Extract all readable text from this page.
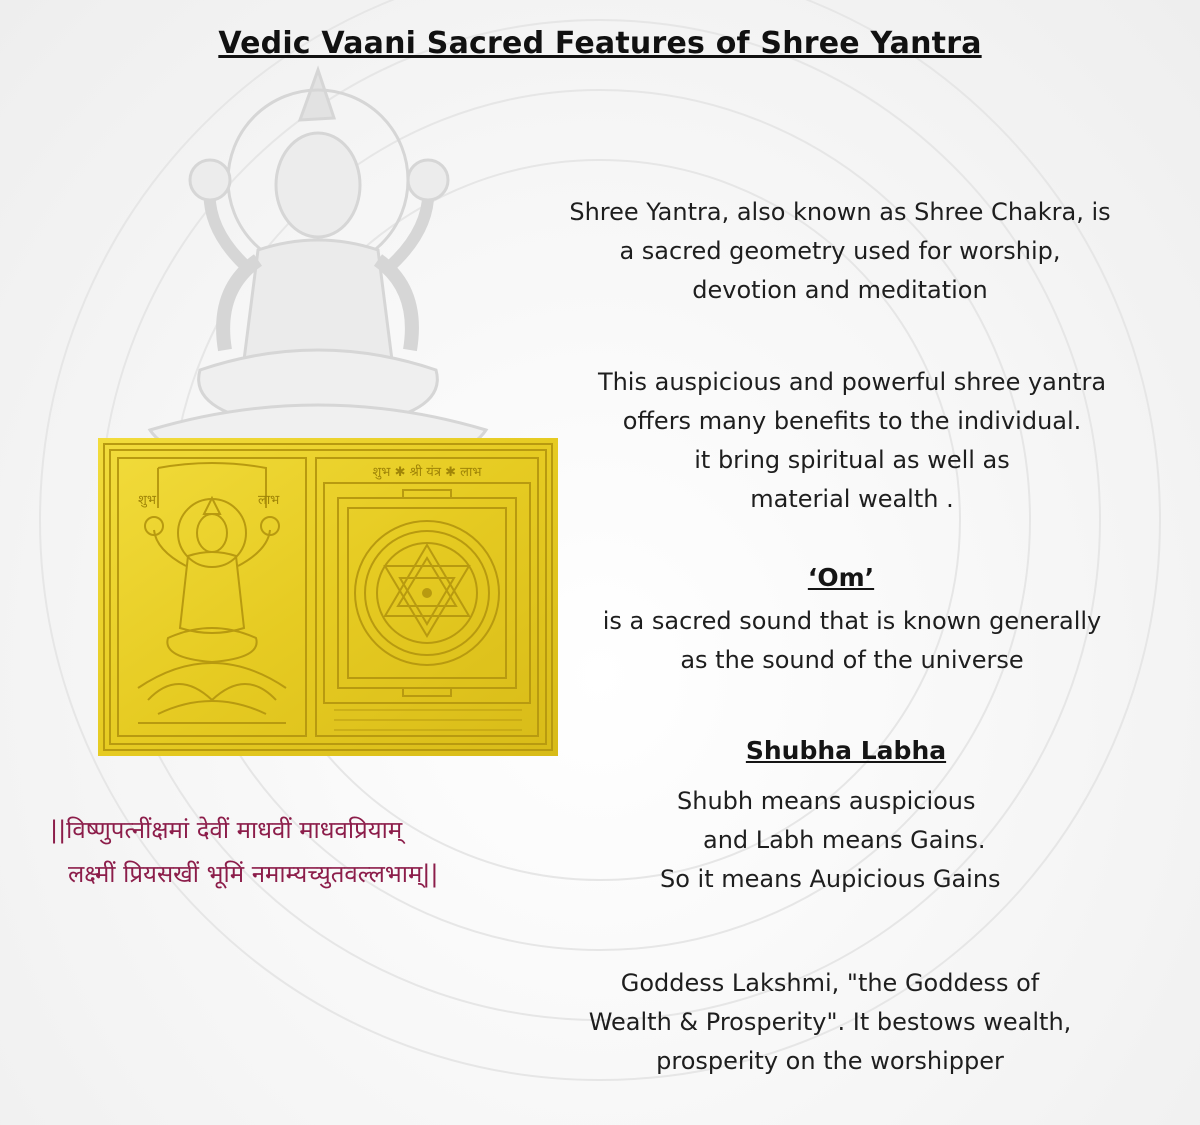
Vedic Vaani Sacred Features of Shree Yantra
Shree Yantra, also known as Shree Chakra, is
a sacred geometry used for worship,
devotion and meditation
This auspicious and powerful shree yantra
offers many benefits to the individual.
it bring spiritual as well as
material wealth .
‘Om’
is a sacred sound that is known generally
as the sound of the universe
Shubha Labha
Shubh means auspicious
and Labh means Gains.
So it means Aupicious Gains
||विष्णुपत्नींक्षमां देवीं माधवीं माधवप्रियाम्
लक्ष्मीं प्रियसखीं भूमिं नमाम्यच्युतवल्लभाम्||
Goddess Lakshmi, "the Goddess of
Wealth & Prosperity". It bestows wealth,
prosperity on the worshipper
शुभ	लाभ
शुभ ✱ श्री यंत्र ✱ लाभ
